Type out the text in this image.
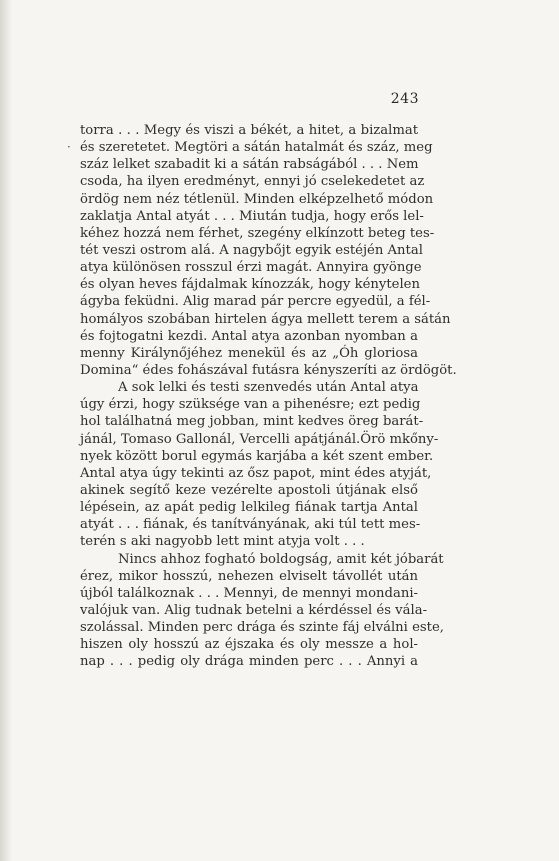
243
·
torra . . . Megy és viszi a békét, a hitet, a bizalmat
és szeretetet. Megtöri a sátán hatalmát és száz, meg
száz lelket szabadit ki a sátán rabságából . . . Nem
csoda, ha ilyen eredményt, ennyi jó cselekedetet az
ördög nem néz tétlenül. Minden elképzelhető módon
zaklatja Antal atyát . . . Miután tudja, hogy erős lel-
kéhez hozzá nem férhet, szegény elkínzott beteg tes-
tét veszi ostrom alá. A nagybőjt egyik estéjén Antal
atya különösen rosszul érzi magát. Annyira gyönge
és olyan heves fájdalmak kínozzák, hogy kénytelen
ágyba feküdni. Alig marad pár percre egyedül, a fél-
homályos szobában hirtelen ágya mellett terem a sátán
és fojtogatni kezdi. Antal atya azonban nyomban a
menny Királynőjéhez menekül és az „Óh gloriosa
Domina“ édes fohászával futásra kényszeríti az ördögöt.
A sok lelki és testi szenvedés után Antal atya
úgy érzi, hogy szüksége van a pihenésre; ezt pedig
hol találhatná meg jobban, mint kedves öreg barát-
jánál, Tomaso Gallonál, Vercelli apátjánál.Örö mkőny-
nyek között borul egymás karjába a két szent ember.
Antal atya úgy tekinti az ősz papot, mint édes atyját,
akinek segítő keze vezérelte apostoli útjának első
lépésein, az apát pedig lelkileg fiának tartja Antal
atyát . . . fiának, és tanítványának, aki túl tett mes-
terén s aki nagyobb lett mint atyja volt . . .
Nincs ahhoz fogható boldogság, amit két jóbarát
érez, mikor hosszú, nehezen elviselt távollét után
újból találkoznak . . . Mennyi, de mennyi mondani-
valójuk van. Alig tudnak betelni a kérdéssel és vála-
szolással. Minden perc drága és szinte fáj elválni este,
hiszen oly hosszú az éjszaka és oly messze a hol-
nap . . . pedig oly drága minden perc . . . Annyi a
